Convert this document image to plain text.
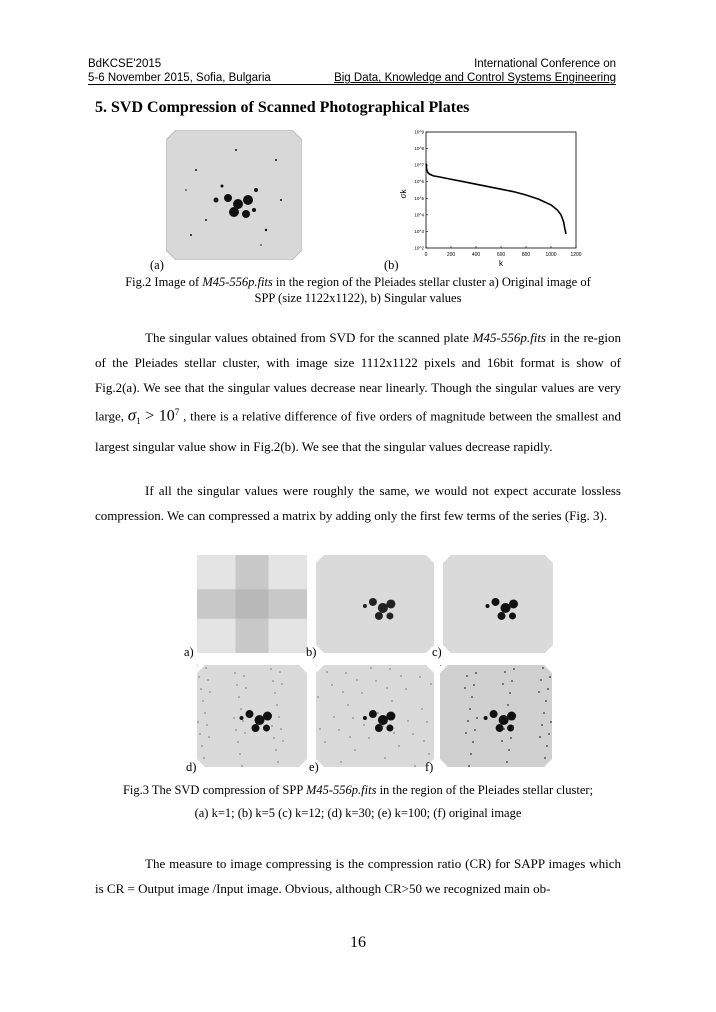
BdKCSE'2015
5-6 November 2015, Sofia, Bulgaria
International Conference on
Big Data, Knowledge and Control Systems Engineering
5. SVD Compression of Scanned Photographical Plates
(a)
0	200	400	600	800	1000	1200
10^2
10^3
10^4
10^5
10^6
10^7
10^8
10^9
k
σk
(b)
Fig.2 Image of M45-556p.fits in the region of the Pleiades stellar cluster a) Original image of
SPP (size 1122x1122), b) Singular values
The singular values obtained from SVD for the scanned plate M45-556p.fits in the re-gion of the Pleiades stellar cluster, with image size 1112x1122 pixels and 16bit format is show of Fig.2(a). We see that the singular values decrease near linearly. Though the singular values are very large, $\sigma_1 > 10^7$ , there is a relative difference of five orders of magnitude between the smallest and largest singular value show in Fig.2(b). We see that the singular values decrease rapidly.
If all the singular values were roughly the same, we would not expect accurate lossless compression. We can compressed a matrix by adding only the first few terms of the series (Fig. 3).
a)	b)	c)
d)	e)	f)
Fig.3 The SVD compression of SPP M45-556p.fits in the region of the Pleiades stellar cluster;
(a) k=1; (b) k=5 (c) k=12; (d) k=30; (e) k=100; (f) original image
The measure to image compressing is the compression ratio (CR) for SAPP images which is CR = Output image /Input image. Obvious, although CR>50 we recognized main ob-
16
